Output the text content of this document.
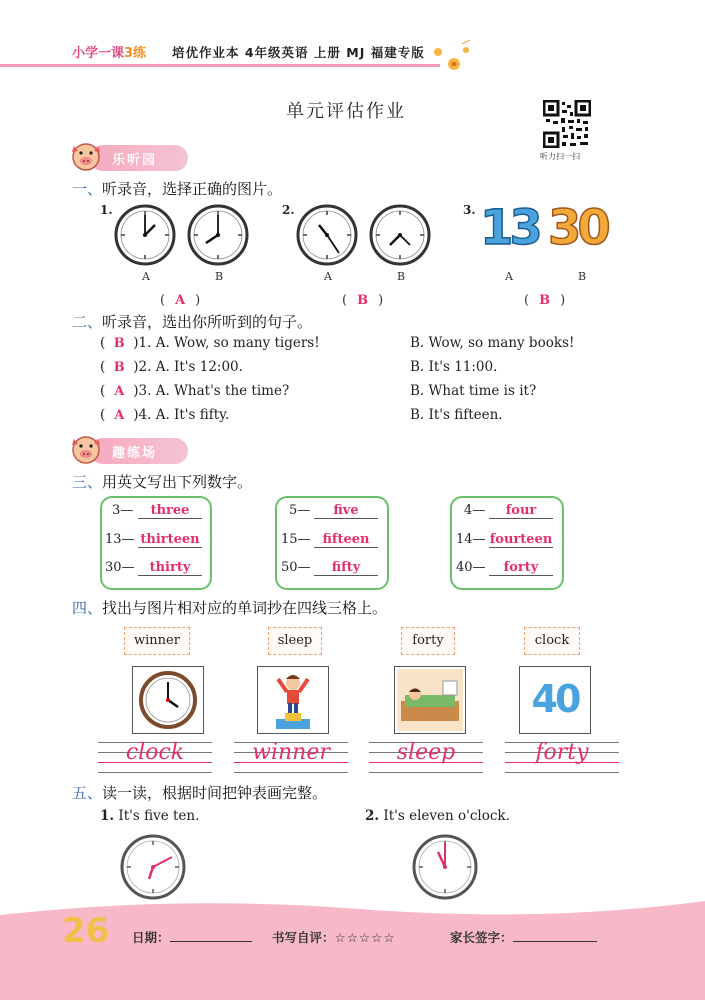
小学一课3练 培优作业本 4年级英语 上册 MJ 福建专版
单元评估作业
听力扫一扫
乐听园
一、听录音，选择正确的图片。
1.
A	B
( A )
2.
A	B
( B )
3. 13 30
A	B
( B )
二、听录音，选出你所听到的句子。
( B )1. A. Wow, so many tigers!	B. Wow, so many books!
( B )2. A. It's 12:00.	B. It's 11:00.
( A )3. A. What's the time?	B. What time is it?
( A )4. A. It's fifty.	B. It's fifteen.
趣练场
三、用英文写出下列数字。
3—	three
13— thirteen
30—	thirty
5—	five
15— fifteen
50—	fifty
4—	four
14— fourteen
40—	forty
四、找出与图片相对应的单词抄在四线三格上。
winner	sleep	forty	clock
40
clock	winner	sleep	forty
五、读一读，根据时间把钟表画完整。
1. It's five ten.	2. It's eleven o'clock.
26 日期：	书写自评：☆☆☆☆☆	家长签字：
